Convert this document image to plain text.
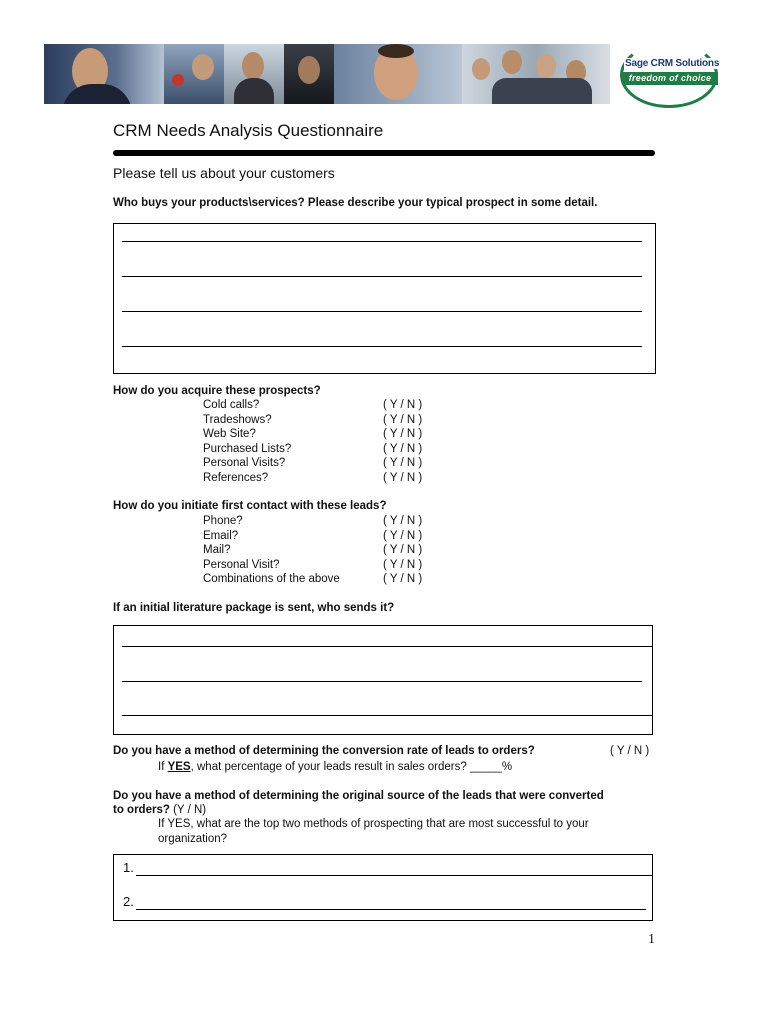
Sage CRM Solutions
freedom of choice
CRM Needs Analysis Questionnaire
Please tell us about your customers
Who buys your products\services? Please describe your typical prospect in some detail.
How do you acquire these prospects?
Cold calls?
Tradeshows?
Web Site?
Purchased Lists?
Personal Visits?
References?
( Y / N )
( Y / N )
( Y / N )
( Y / N )
( Y / N )
( Y / N )
How do you initiate first contact with these leads?
Phone?
Email?
Mail?
Personal Visit?
Combinations of the above
( Y / N )
( Y / N )
( Y / N )
( Y / N )
( Y / N )
If an initial literature package is sent, who sends it?
Do you have a method of determining the conversion rate of leads to orders?	( Y / N )
If YES, what percentage of your leads result in sales orders? _____%
Do you have a method of determining the original source of the leads that were converted
to orders? (Y / N)
If YES, what are the top two methods of prospecting that are most successful to your
organization?
1.
2.
1
